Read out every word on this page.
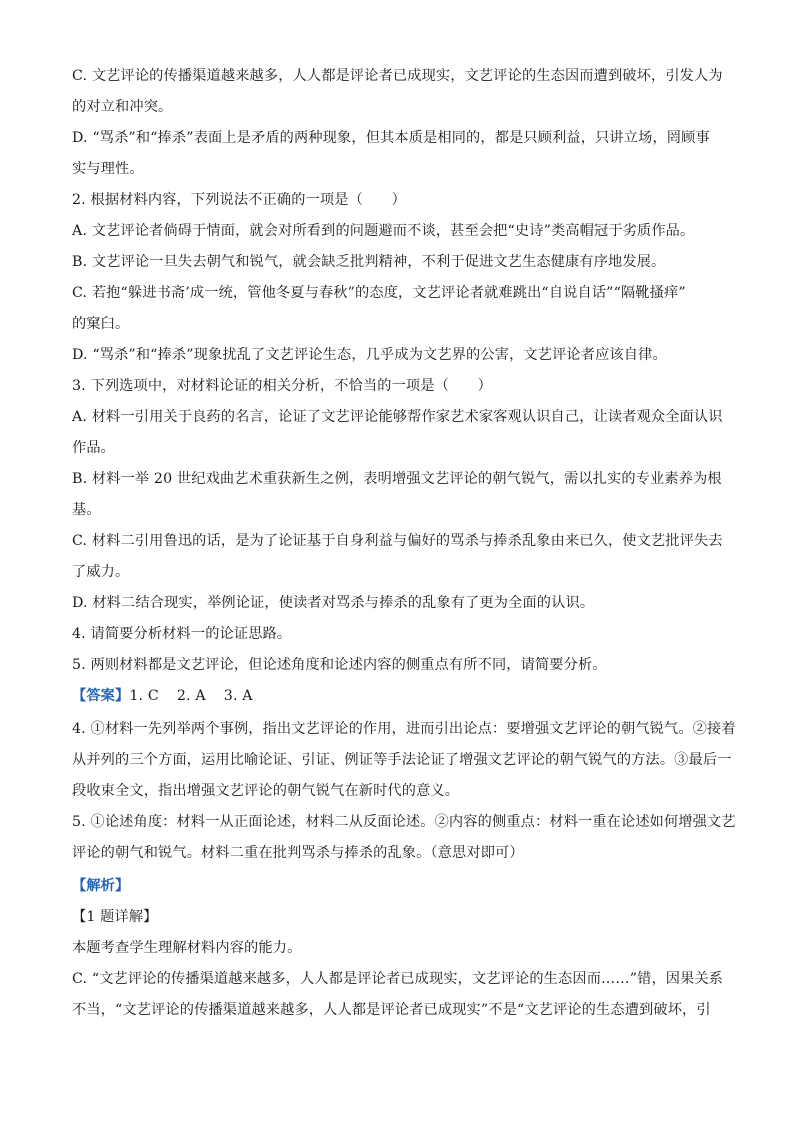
C. 文艺评论的传播渠道越来越多，人人都是评论者已成现实，文艺评论的生态因而遭到破坏，引发人为
的对立和冲突。
D. “骂杀”和“捧杀”表面上是矛盾的两种现象，但其本质是相同的，都是只顾利益，只讲立场，罔顾事
实与理性。
2. 根据材料内容，下列说法不正确的一项是（　　）
A. 文艺评论者倘碍于情面，就会对所看到的问题避而不谈，甚至会把“史诗”类高帽冠于劣质作品。
B. 文艺评论一旦失去朝气和锐气，就会缺乏批判精神，不利于促进文艺生态健康有序地发展。
C. 若抱“躲进书斋’成一统，管他冬夏与春秋”的态度，文艺评论者就难跳出“自说自话”“隔靴搔痒”
的窠臼。
D. “骂杀”和“捧杀”现象扰乱了文艺评论生态，几乎成为文艺界的公害，文艺评论者应该自律。
3. 下列选项中，对材料论证的相关分析，不恰当的一项是（　　）
A. 材料一引用关于良药的名言，论证了文艺评论能够帮作家艺术家客观认识自己，让读者观众全面认识
作品。
B. 材料一举 20 世纪戏曲艺术重获新生之例，表明增强文艺评论的朝气锐气，需以扎实的专业素养为根
基。
C. 材料二引用鲁迅的话，是为了论证基于自身利益与偏好的骂杀与捧杀乱象由来已久，使文艺批评失去
了威力。
D. 材料二结合现实，举例论证，使读者对骂杀与捧杀的乱象有了更为全面的认识。
4. 请简要分析材料一的论证思路。
5. 两则材料都是文艺评论，但论述角度和论述内容的侧重点有所不同，请简要分析。
【答案】1. C 2. A 3. A
4. ①材料一先列举两个事例，指出文艺评论的作用，进而引出论点：要增强文艺评论的朝气锐气。②接着
从并列的三个方面，运用比喻论证、引证、例证等手法论证了增强文艺评论的朝气锐气的方法。③最后一
段收束全文，指出增强文艺评论的朝气锐气在新时代的意义。
5. ①论述角度：材料一从正面论述，材料二从反面论述。②内容的侧重点：材料一重在论述如何增强文艺
评论的朝气和锐气。材料二重在批判骂杀与捧杀的乱象。（意思对即可）
【解析】
【1 题详解】
本题考查学生理解材料内容的能力。
C. “文艺评论的传播渠道越来越多，人人都是评论者已成现实，文艺评论的生态因而……”错，因果关系
不当，“文艺评论的传播渠道越来越多，人人都是评论者已成现实”不是“文艺评论的生态遭到破坏，引
